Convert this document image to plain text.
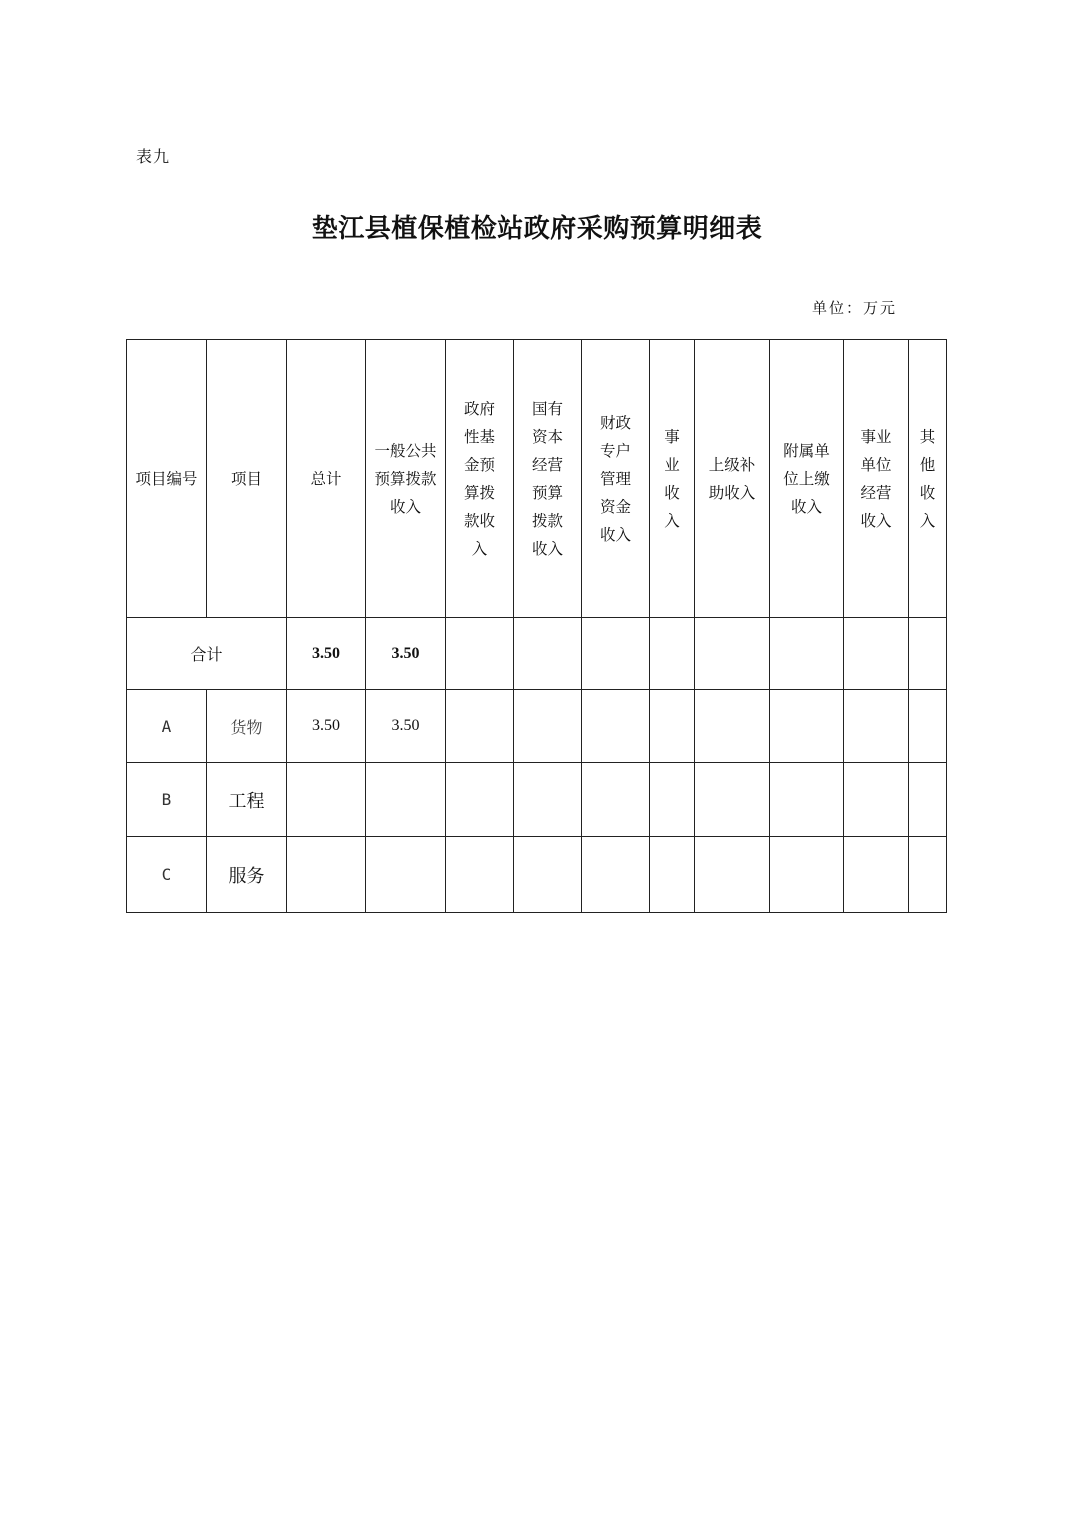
表九
垫江县植保植检站政府采购预算明细表
单位：万元
项目编号	项目	总计	一般公共预算拨款收入	政府性基金预算拨款收入	国有资本经营预算拨款收入	财政专户管理资金收入	事业收入	上级补助收入	附属单位上缴收入	事业单位经营收入	其他收入
合计		3.50	3.50								
A	货物	3.50	3.50								
B	工程										
C	服务										
